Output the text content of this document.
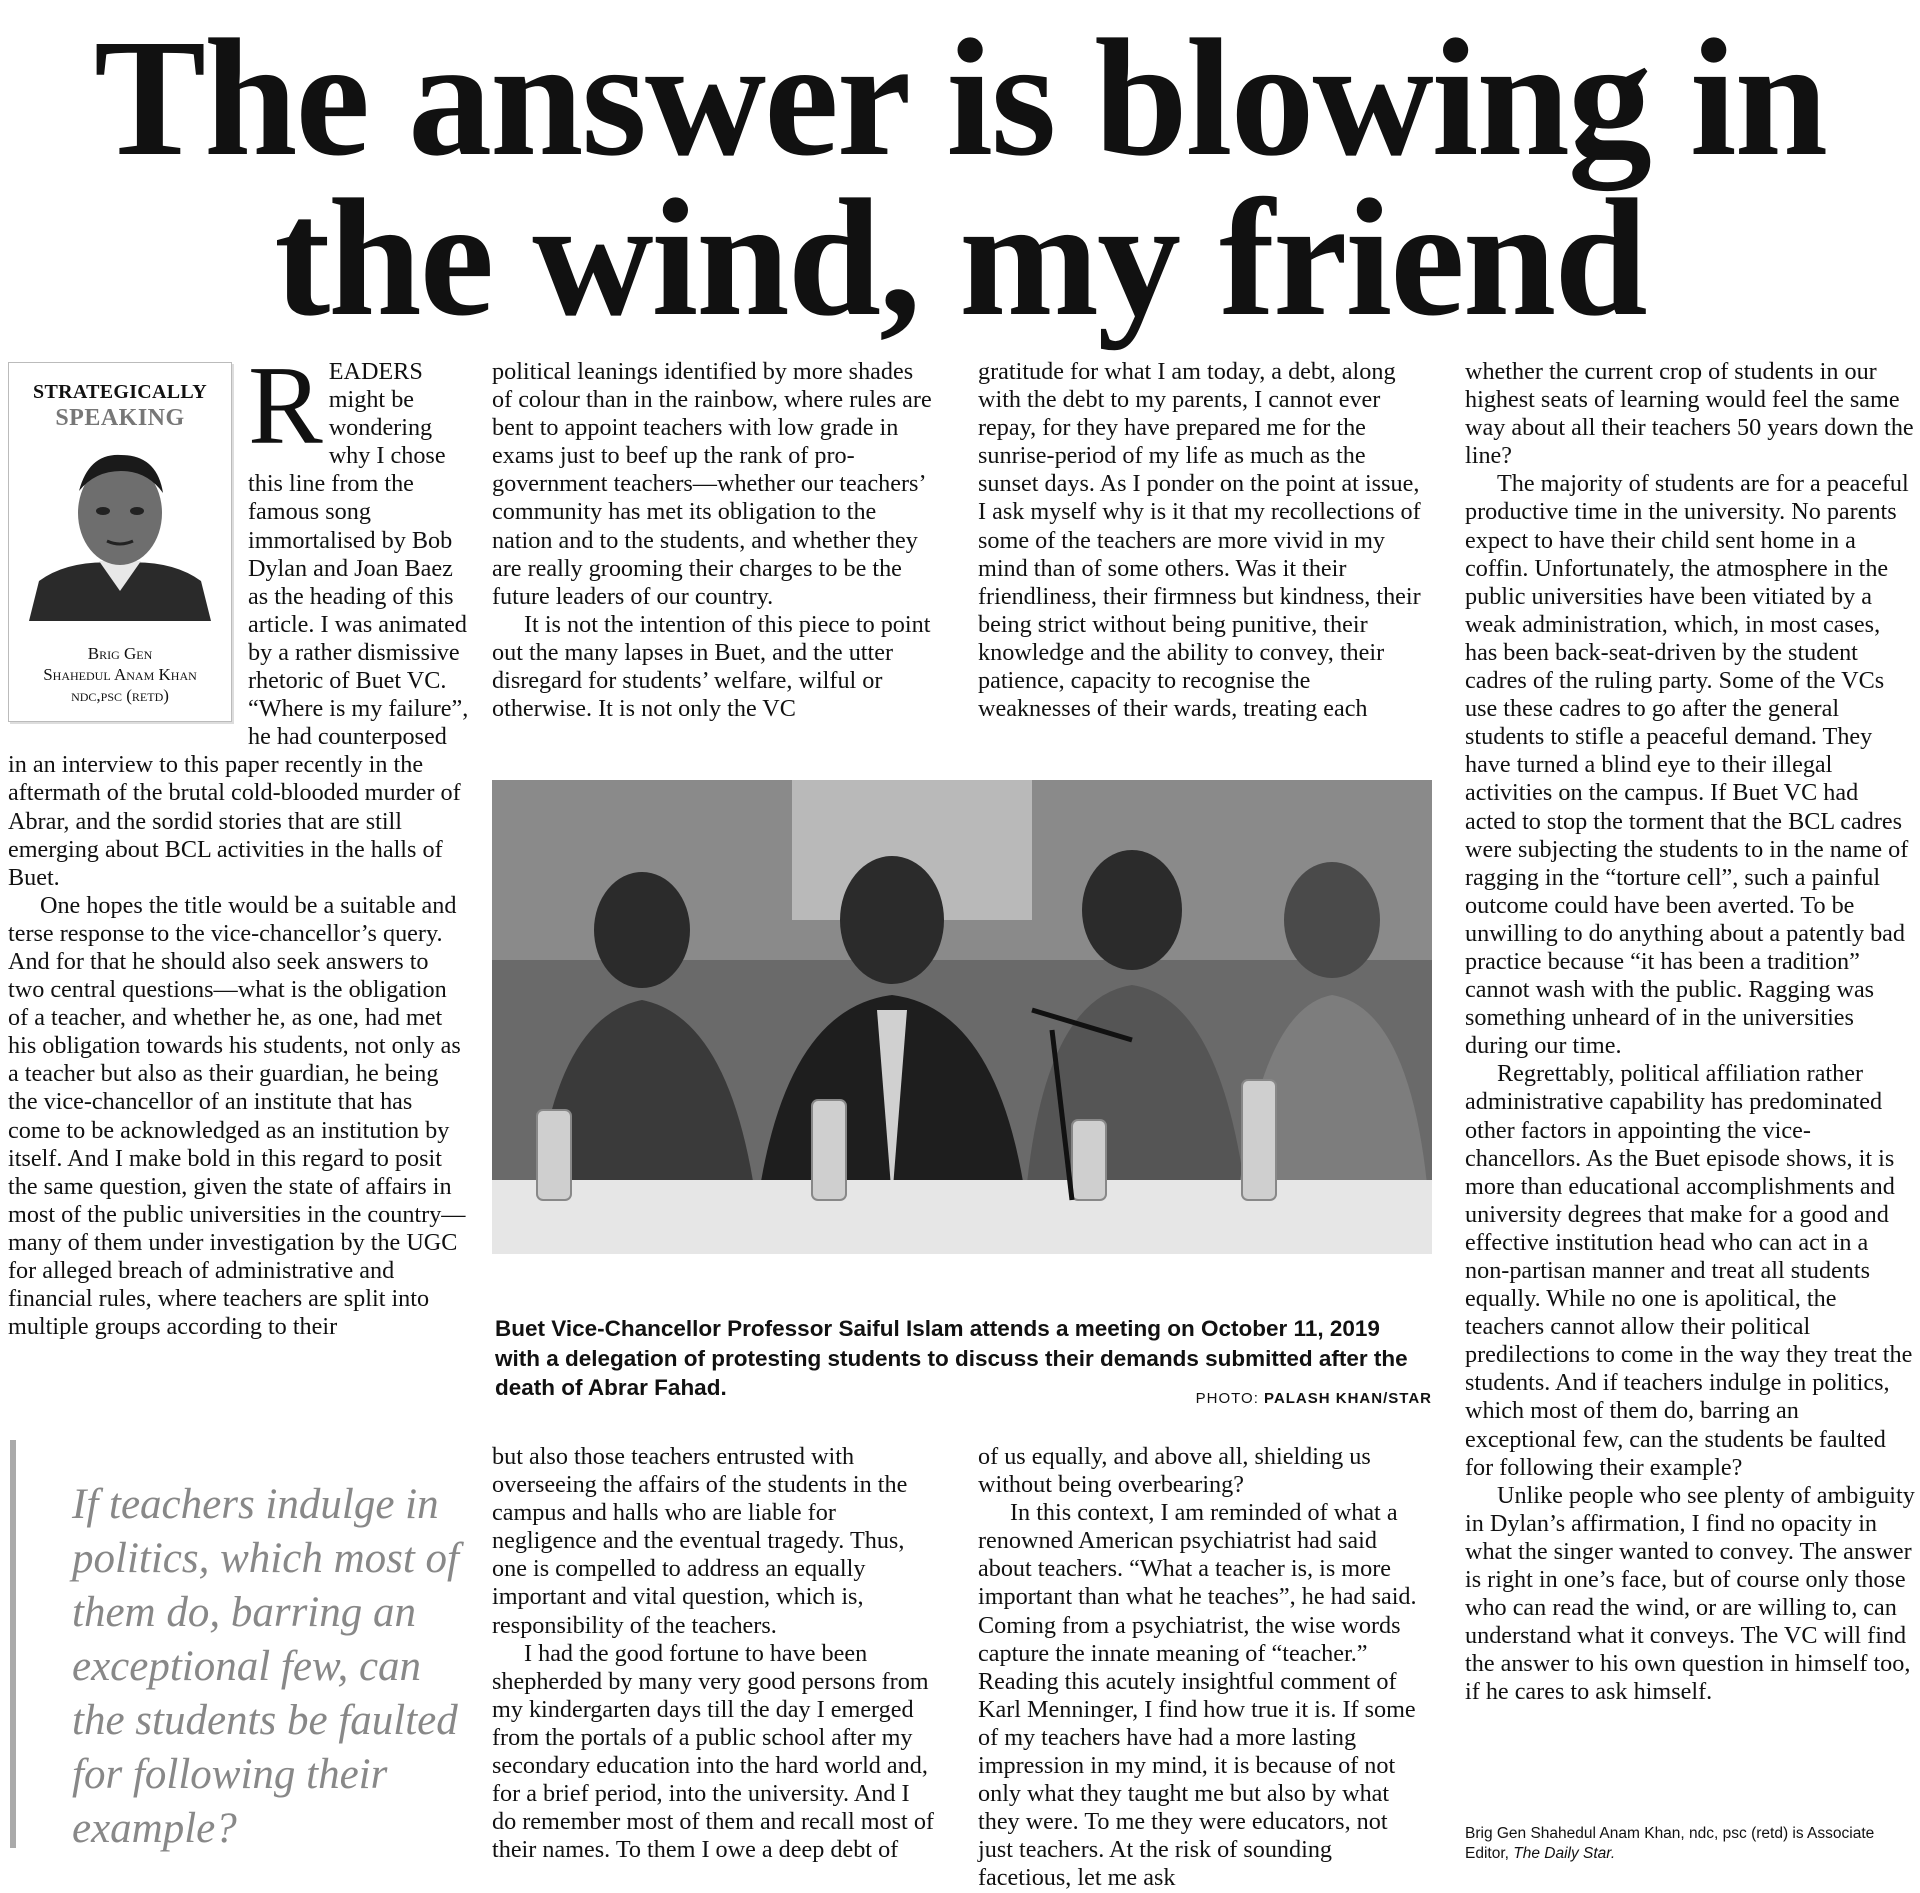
The answer is blowing in the wind, my friend
STRATEGICALLY
SPEAKING
Brig Gen
Shahedul Anam Khan
ndc,psc (retd)

READERS might be wondering why I chose this line from the famous song immortalised by Bob Dylan and Joan Baez as the heading of this article. I was animated by a rather dismissive rhetoric of Buet VC. “Where is my failure”, he had counterposed in an interview to this paper recently in the aftermath of the brutal cold-blooded murder of Abrar, and the sordid stories that are still emerging about BCL activities in the halls of Buet.

One hopes the title would be a suitable and terse response to the vice-chancellor’s query. And for that he should also seek answers to two central questions—what is the obligation of a teacher, and whether he, as one, had met his obligation towards his students, not only as a teacher but also as their guardian, he being the vice-chancellor of an institute that has come to be acknowledged as an institution by itself. And I make bold in this regard to posit the same question, given the state of affairs in most of the public universities in the country—many of them under investigation by the UGC for alleged breach of administrative and financial rules, where teachers are split into multiple groups according to their

political leanings identified by more shades of colour than in the rainbow, where rules are bent to appoint teachers with low grade in exams just to beef up the rank of pro-government teachers—whether our teachers’ community has met its obligation to the nation and to the students, and whether they are really grooming their charges to be the future leaders of our country.

It is not the intention of this piece to point out the many lapses in Buet, and the utter disregard for students’ welfare, wilful or otherwise. It is not only the VC

gratitude for what I am today, a debt, along with the debt to my parents, I cannot ever repay, for they have prepared me for the sunrise-period of my life as much as the sunset days. As I ponder on the point at issue, I ask myself why is it that my recollections of some of the teachers are more vivid in my mind than of some others. Was it their friendliness, their firmness but kindness, their being strict without being punitive, their knowledge and the ability to convey, their patience, capacity to recognise the weaknesses of their wards, treating each

Buet Vice-Chancellor Professor Saiful Islam attends a meeting on October 11, 2019 with a delegation of protesting students to discuss their demands submitted after the death of Abrar Fahad.	PHOTO: PALASH KHAN/STAR
If teachers indulge in politics, which most of them do, barring an exceptional few, can the students be faulted for following their example?

but also those teachers entrusted with overseeing the affairs of the students in the campus and halls who are liable for negligence and the eventual tragedy. Thus, one is compelled to address an equally important and vital question, which is, responsibility of the teachers.

I had the good fortune to have been shepherded by many very good persons from my kindergarten days till the day I emerged from the portals of a public school after my secondary education into the hard world and, for a brief period, into the university. And I do remember most of them and recall most of their names. To them I owe a deep debt of

of us equally, and above all, shielding us without being overbearing?

In this context, I am reminded of what a renowned American psychiatrist had said about teachers. “What a teacher is, is more important than what he teaches”, he had said. Coming from a psychiatrist, the wise words capture the innate meaning of “teacher.” Reading this acutely insightful comment of Karl Menninger, I find how true it is. If some of my teachers have had a more lasting impression in my mind, it is because of not only what they taught me but also by what they were. To me they were educators, not just teachers. At the risk of sounding facetious, let me ask

whether the current crop of students in our highest seats of learning would feel the same way about all their teachers 50 years down the line?

The majority of students are for a peaceful productive time in the university. No parents expect to have their child sent home in a coffin. Unfortunately, the atmosphere in the public universities have been vitiated by a weak administration, which, in most cases, has been back-seat-driven by the student cadres of the ruling party. Some of the VCs use these cadres to go after the general students to stifle a peaceful demand. They have turned a blind eye to their illegal activities on the campus. If Buet VC had acted to stop the torment that the BCL cadres were subjecting the students to in the name of ragging in the “torture cell”, such a painful outcome could have been averted. To be unwilling to do anything about a patently bad practice because “it has been a tradition” cannot wash with the public. Ragging was something unheard of in the universities during our time.

Regrettably, political affiliation rather administrative capability has predominated other factors in appointing the vice-chancellors. As the Buet episode shows, it is more than educational accomplishments and university degrees that make for a good and effective institution head who can act in a non-partisan manner and treat all students equally. While no one is apolitical, the teachers cannot allow their political predilections to come in the way they treat the students. And if teachers indulge in politics, which most of them do, barring an exceptional few, can the students be faulted for following their example?

Unlike people who see plenty of ambiguity in Dylan’s affirmation, I find no opacity in what the singer wanted to convey. The answer is right in one’s face, but of course only those who can read the wind, or are willing to, can understand what it conveys. The VC will find the answer to his own question in himself too, if he cares to ask himself.

Brig Gen Shahedul Anam Khan, ndc, psc (retd) is Associate Editor, The Daily Star.
